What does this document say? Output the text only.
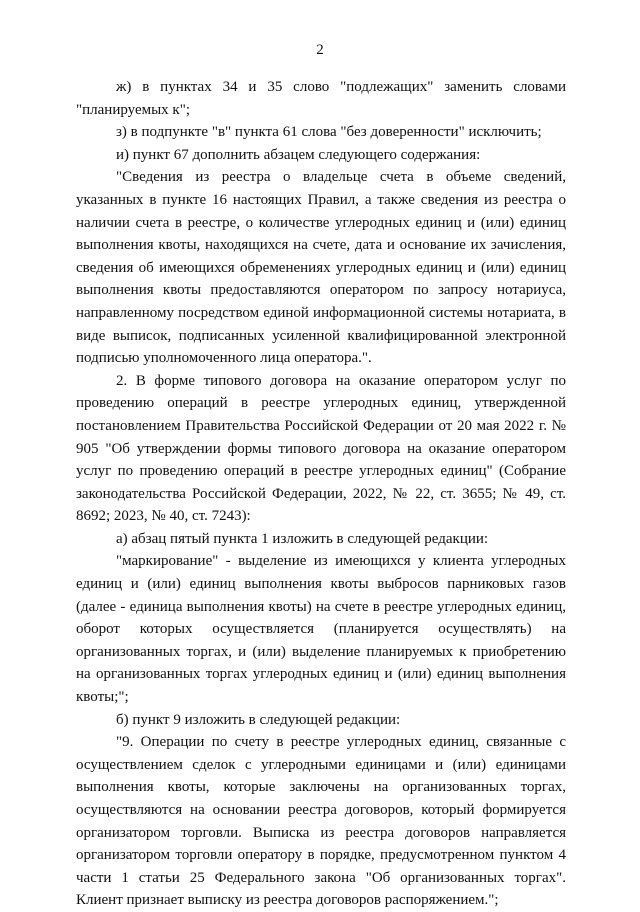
2

ж) в пунктах 34 и 35 слово "подлежащих" заменить словами "планируемых к";

з) в подпункте "в" пункта 61 слова "без доверенности" исключить;

и) пункт 67 дополнить абзацем следующего содержания:

"Сведения из реестра о владельце счета в объеме сведений, указанных в пункте 16 настоящих Правил, а также сведения из реестра о наличии счета в реестре, о количестве углеродных единиц и (или) единиц выполнения квоты, находящихся на счете, дата и основание их зачисления, сведения об имеющихся обременениях углеродных единиц и (или) единиц выполнения квоты предоставляются оператором по запросу нотариуса, направленному посредством единой информационной системы нотариата, в виде выписок, подписанных усиленной квалифицированной электронной подписью уполномоченного лица оператора.".

2. В форме типового договора на оказание оператором услуг по проведению операций в реестре углеродных единиц, утвержденной постановлением Правительства Российской Федерации от 20 мая 2022 г. № 905 "Об утверждении формы типового договора на оказание оператором услуг по проведению операций в реестре углеродных единиц" (Собрание законодательства Российской Федерации, 2022, № 22, ст. 3655; № 49, ст. 8692; 2023, № 40, ст. 7243):

а) абзац пятый пункта 1 изложить в следующей редакции:

"маркирование" - выделение из имеющихся у клиента углеродных единиц и (или) единиц выполнения квоты выбросов парниковых газов (далее - единица выполнения квоты) на счете в реестре углеродных единиц, оборот которых осуществляется (планируется осуществлять) на организованных торгах, и (или) выделение планируемых к приобретению на организованных торгах углеродных единиц и (или) единиц выполнения квоты;";

б) пункт 9 изложить в следующей редакции:

"9. Операции по счету в реестре углеродных единиц, связанные с осуществлением сделок с углеродными единицами и (или) единицами выполнения квоты, которые заключены на организованных торгах, осуществляются на основании реестра договоров, который формируется организатором торговли. Выписка из реестра договоров направляется организатором торговли оператору в порядке, предусмотренном пунктом 4 части 1 статьи 25 Федерального закона "Об организованных торгах". Клиент признает выписку из реестра договоров распоряжением.";
